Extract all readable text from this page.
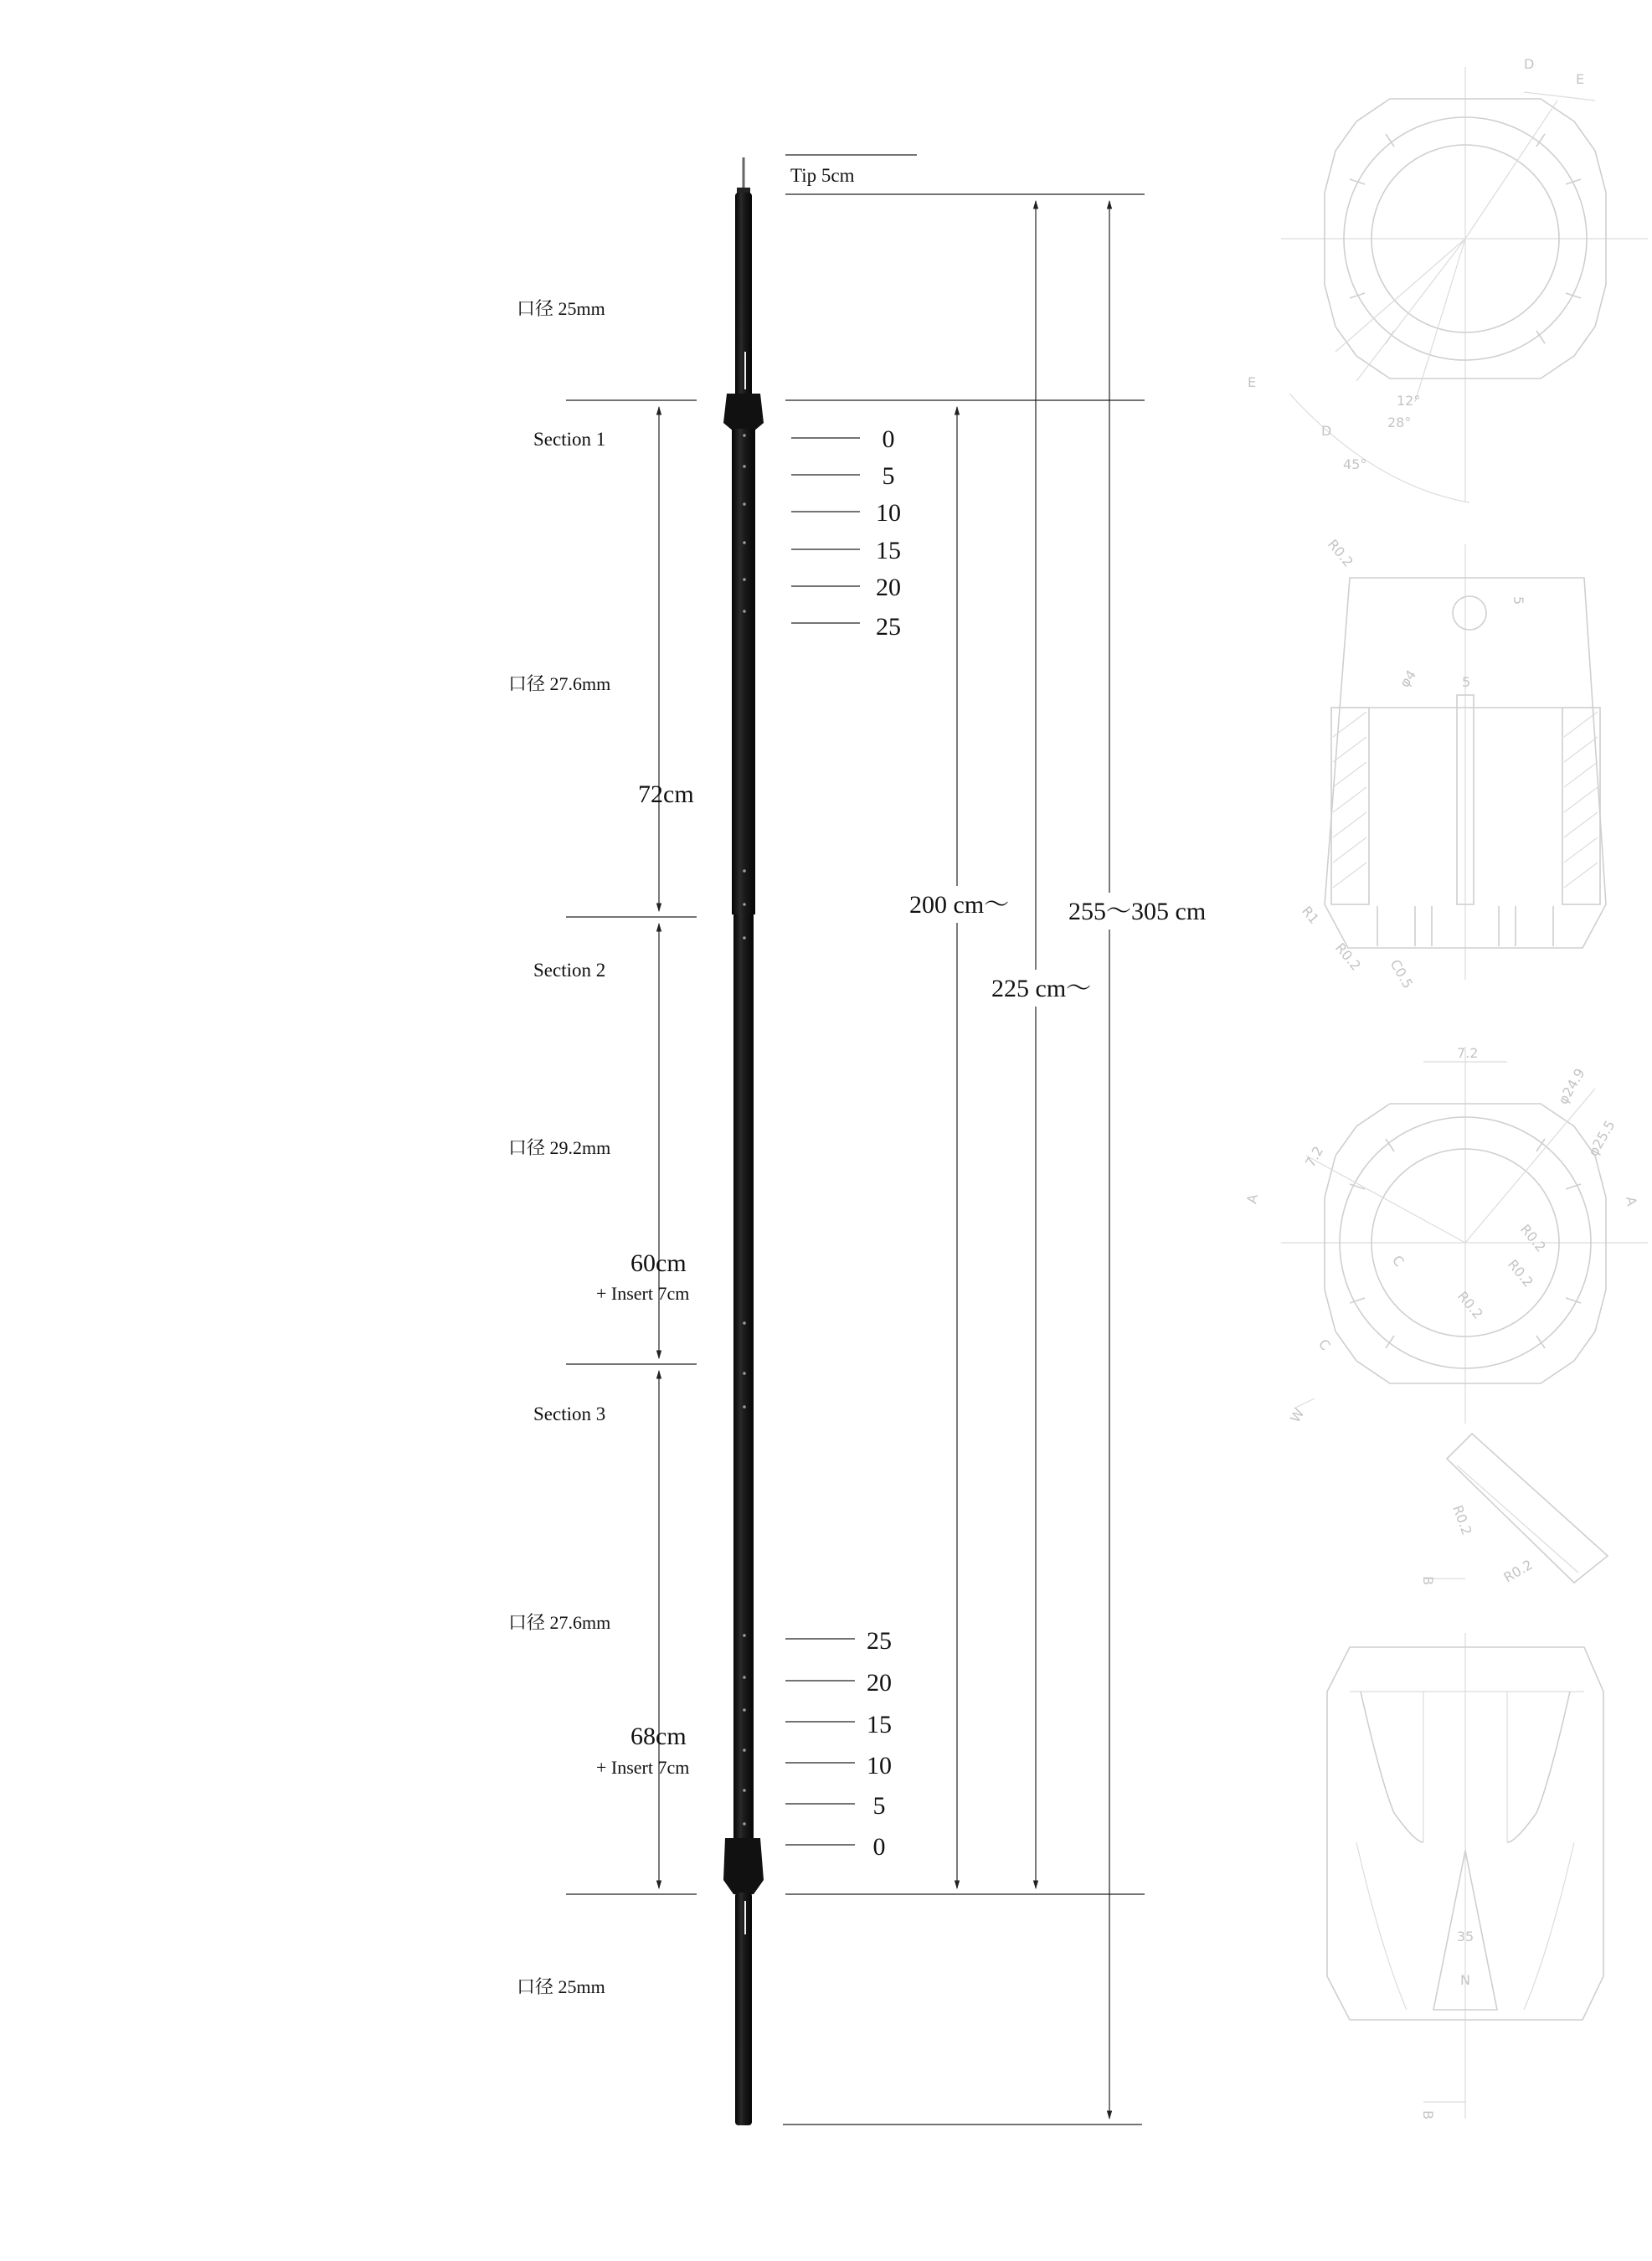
口径 25mm
Section 1
口径 27.6mm
72cm
Section 2
口径 29.2mm
60cm
+ Insert 7cm
Section 3
口径 27.6mm
68cm
+ Insert 7cm
口径 25mm
Tip 5cm
0
5
10
15
20
25
25
20
15
10
5
0
200 cm〜
225 cm〜
255〜305 cm
D
E
E
D
12°
28°
45°
R0.2
5
φ4	5
R1
R0.2
C0.5
7.2
φ24.9
φ25.5
7.2
A	A
C
C
R0.2
R0.2
R0.2
W
R0.2
B	R0.2
35
N
B
